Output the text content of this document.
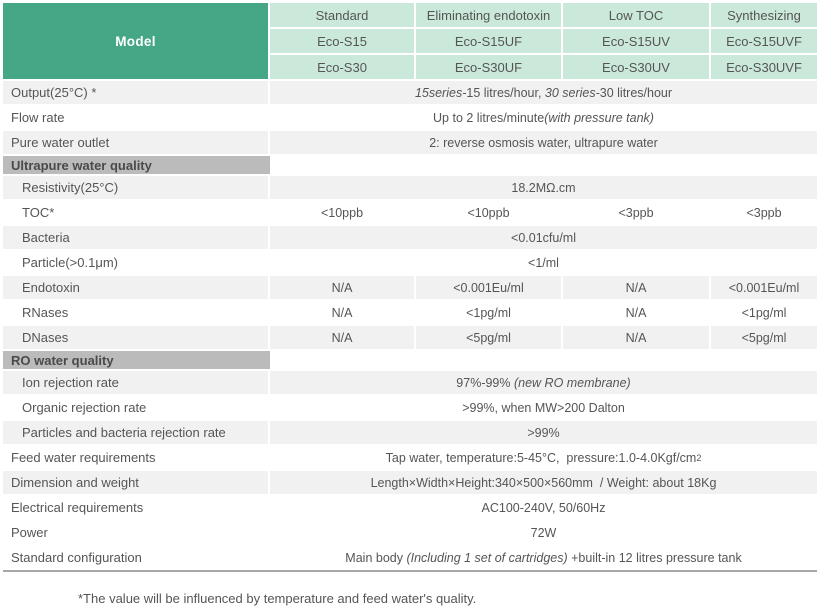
Model
Standard	Eliminating endotoxin	Low TOC	Synthesizing
Eco-S15	Eco-S15UF	Eco-S15UV	Eco-S15UVF
Eco-S30	Eco-S30UF	Eco-S30UV	Eco-S30UVF
Output(25°C) *	15series- 15 litres/hour, 30 series- 30 litres/hour
Flow rate	Up to 2 litres/minute (with pressure tank)
Pure water outlet	2: reverse osmosis water, ultrapure water
Ultrapure water quality
Resistivity(25°C)	18.2MΩ.cm
TOC*	<10ppb	<10ppb	<3ppb	<3ppb
Bacteria	<0.01cfu/ml
Particle(>0.1μm)	<1/ml
Endotoxin	N/A	<0.001Eu/ml	N/A	<0.001Eu/ml
RNases	N/A	<1pg/ml	N/A	<1pg/ml
DNases	N/A	<5pg/ml	N/A	<5pg/ml
RO water quality
Ion rejection rate	97%-99% (new RO membrane)
Organic rejection rate	>99%, when MW>200 Dalton
Particles and bacteria rejection rate	>99%
Feed water requirements	Tap water, temperature:5-45°C,  pressure:1.0-4.0Kgf/cm 2
Dimension and weight	Length×Width×Height:340×500×560mm  / Weight: about 18Kg
Electrical requirements	AC100-240V, 50/60Hz
Power	72W
Standard configuration	Main body (Including 1 set of cartridges) +built-in 12 litres pressure tank
*The value will be influenced by temperature and feed water's quality.
